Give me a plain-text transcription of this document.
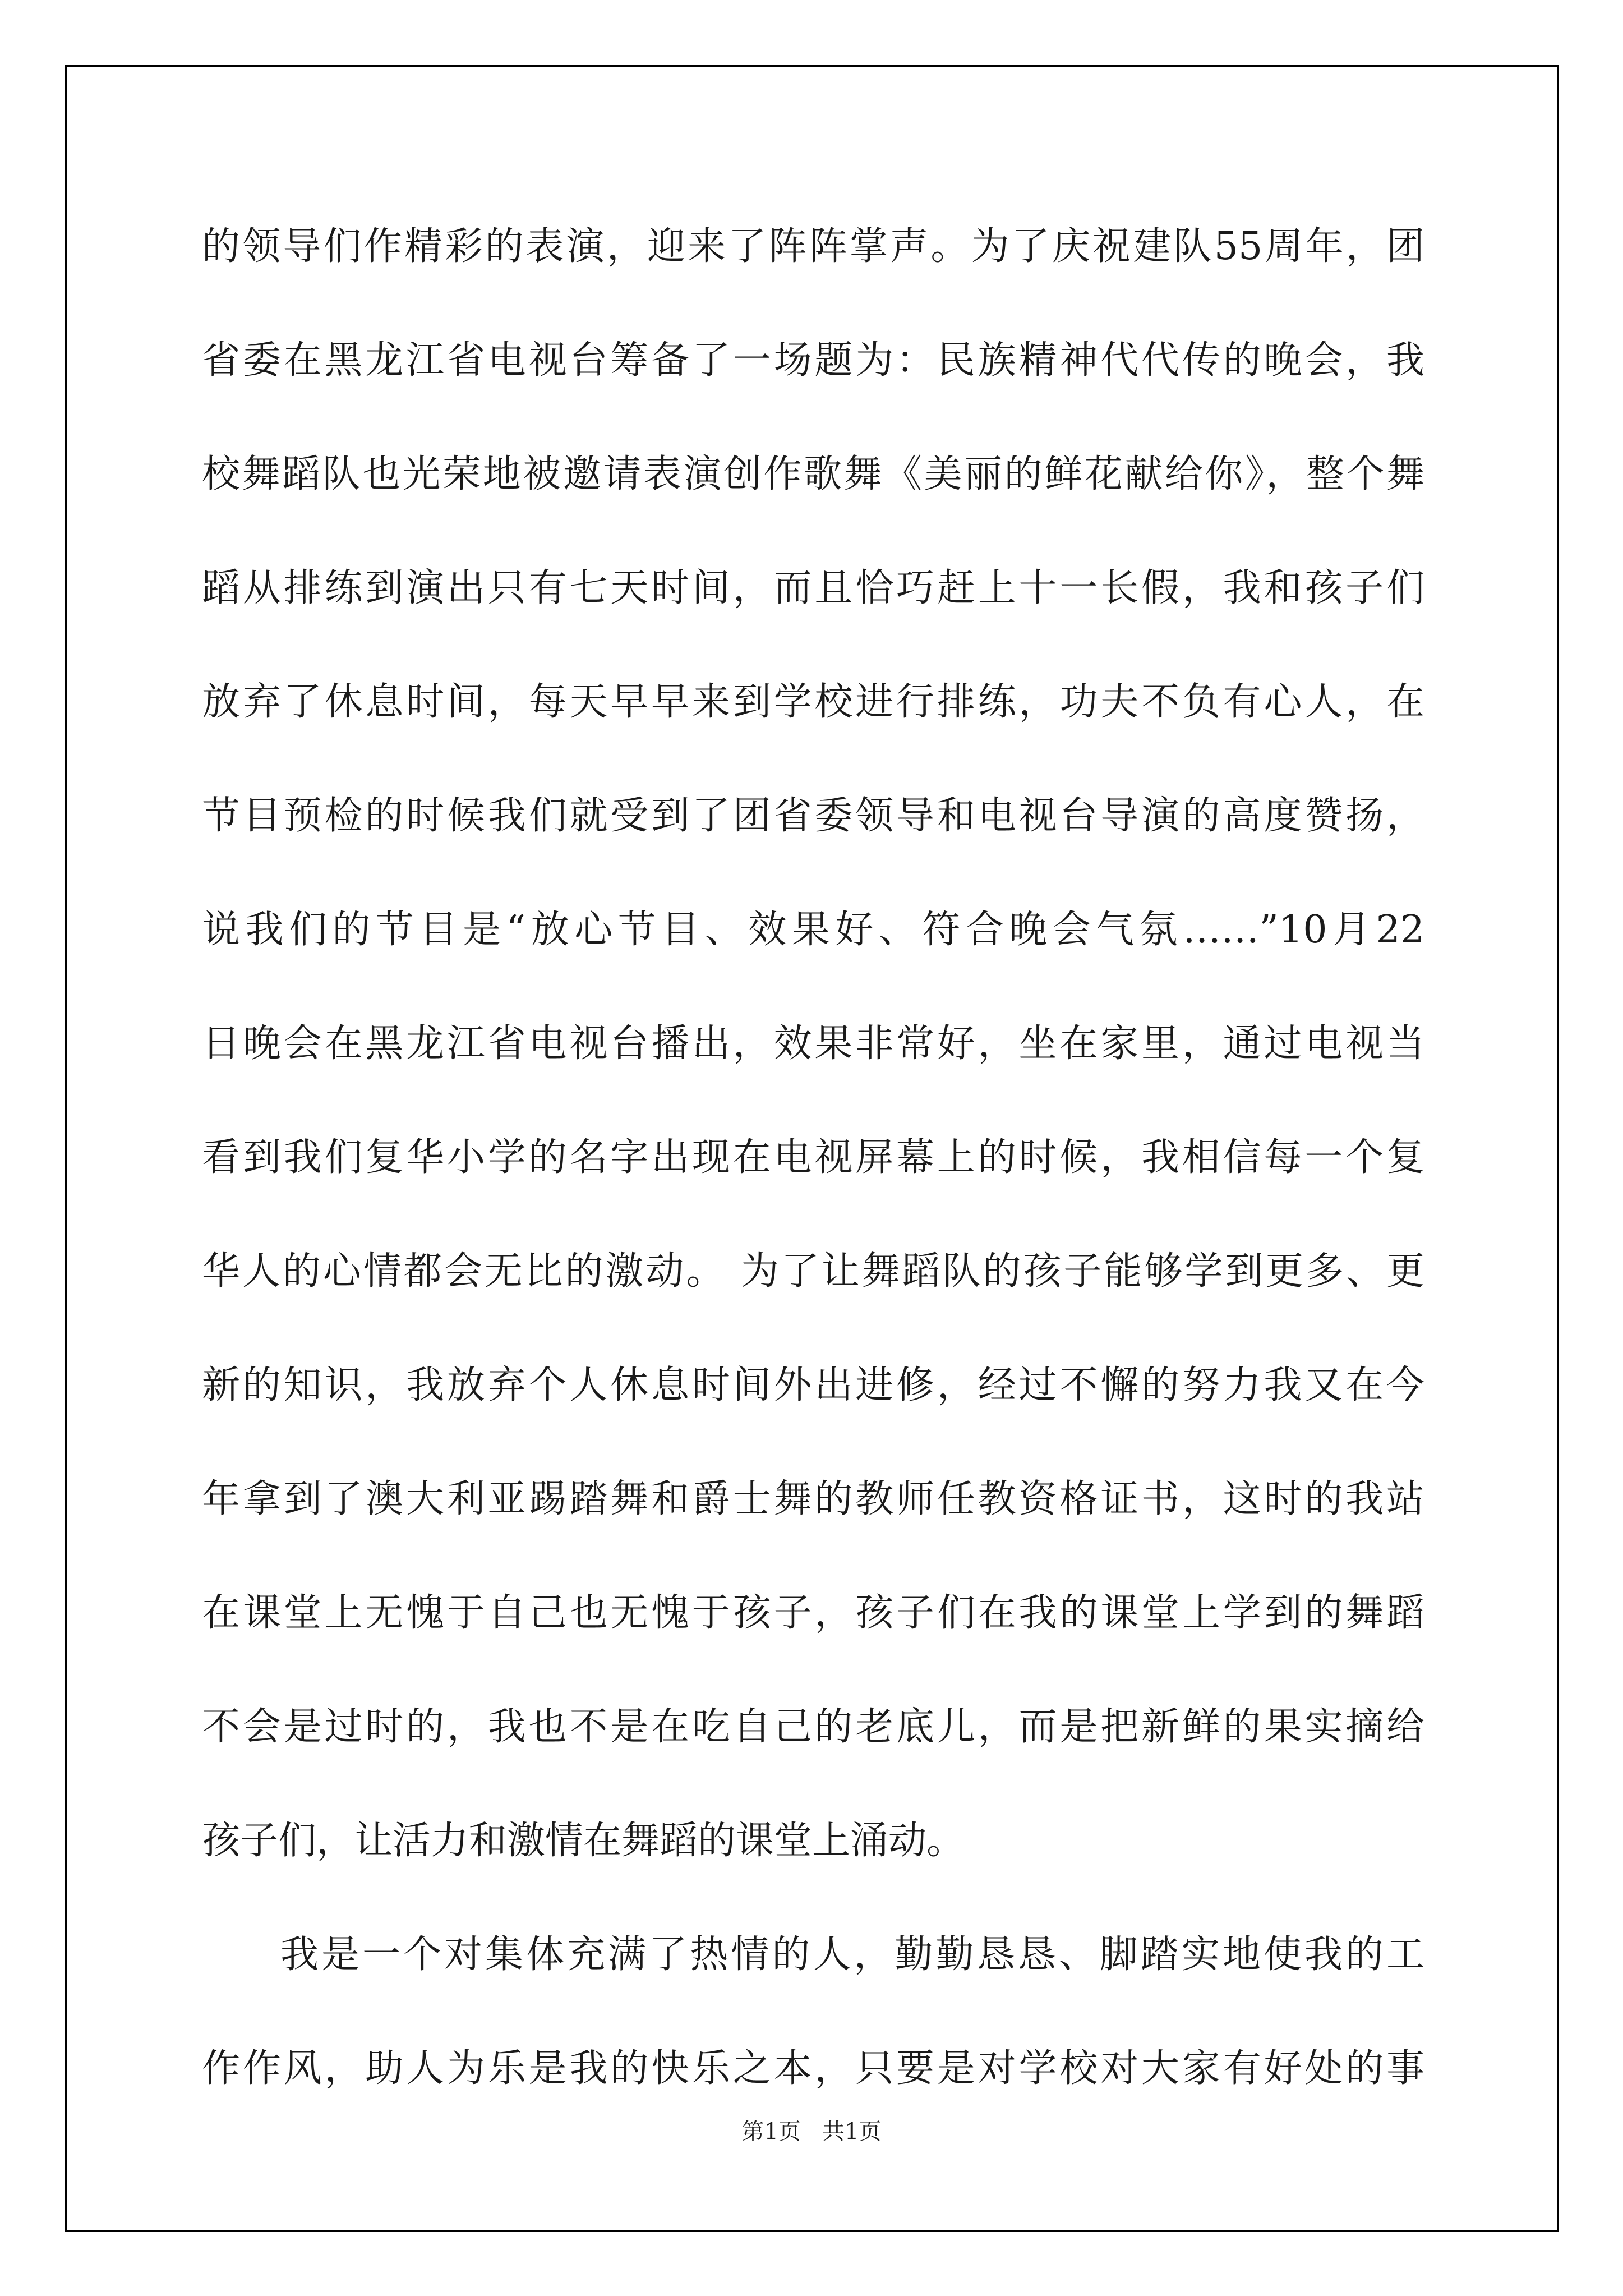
的领导们作精彩的表演，迎来了阵阵掌声。为了庆祝建队55周年，团
省委在黑龙江省电视台筹备了一场题为：民族精神代代传的晚会，我
校舞蹈队也光荣地被邀请表演创作歌舞《美丽的鲜花献给你》，整个舞
蹈从排练到演出只有七天时间，而且恰巧赶上十一长假，我和孩子们
放弃了休息时间，每天早早来到学校进行排练，功夫不负有心人，在
节目预检的时候我们就受到了团省委领导和电视台导演的高度赞扬，
说我们的节目是“放心节目、效果好、符合晚会气氛……”10月22
日晚会在黑龙江省电视台播出，效果非常好，坐在家里，通过电视当
看到我们复华小学的名字出现在电视屏幕上的时候，我相信每一个复
华人的心情都会无比的激动。 为了让舞蹈队的孩子能够学到更多、更
新的知识，我放弃个人休息时间外出进修，经过不懈的努力我又在今
年拿到了澳大利亚踢踏舞和爵士舞的教师任教资格证书，这时的我站
在课堂上无愧于自己也无愧于孩子，孩子们在我的课堂上学到的舞蹈
不会是过时的，我也不是在吃自己的老底儿，而是把新鲜的果实摘给
孩子们，让活力和激情在舞蹈的课堂上涌动。
我是一个对集体充满了热情的人，勤勤恳恳、脚踏实地使我的工
作作风，助人为乐是我的快乐之本，只要是对学校对大家有好处的事
第1页   共1页
